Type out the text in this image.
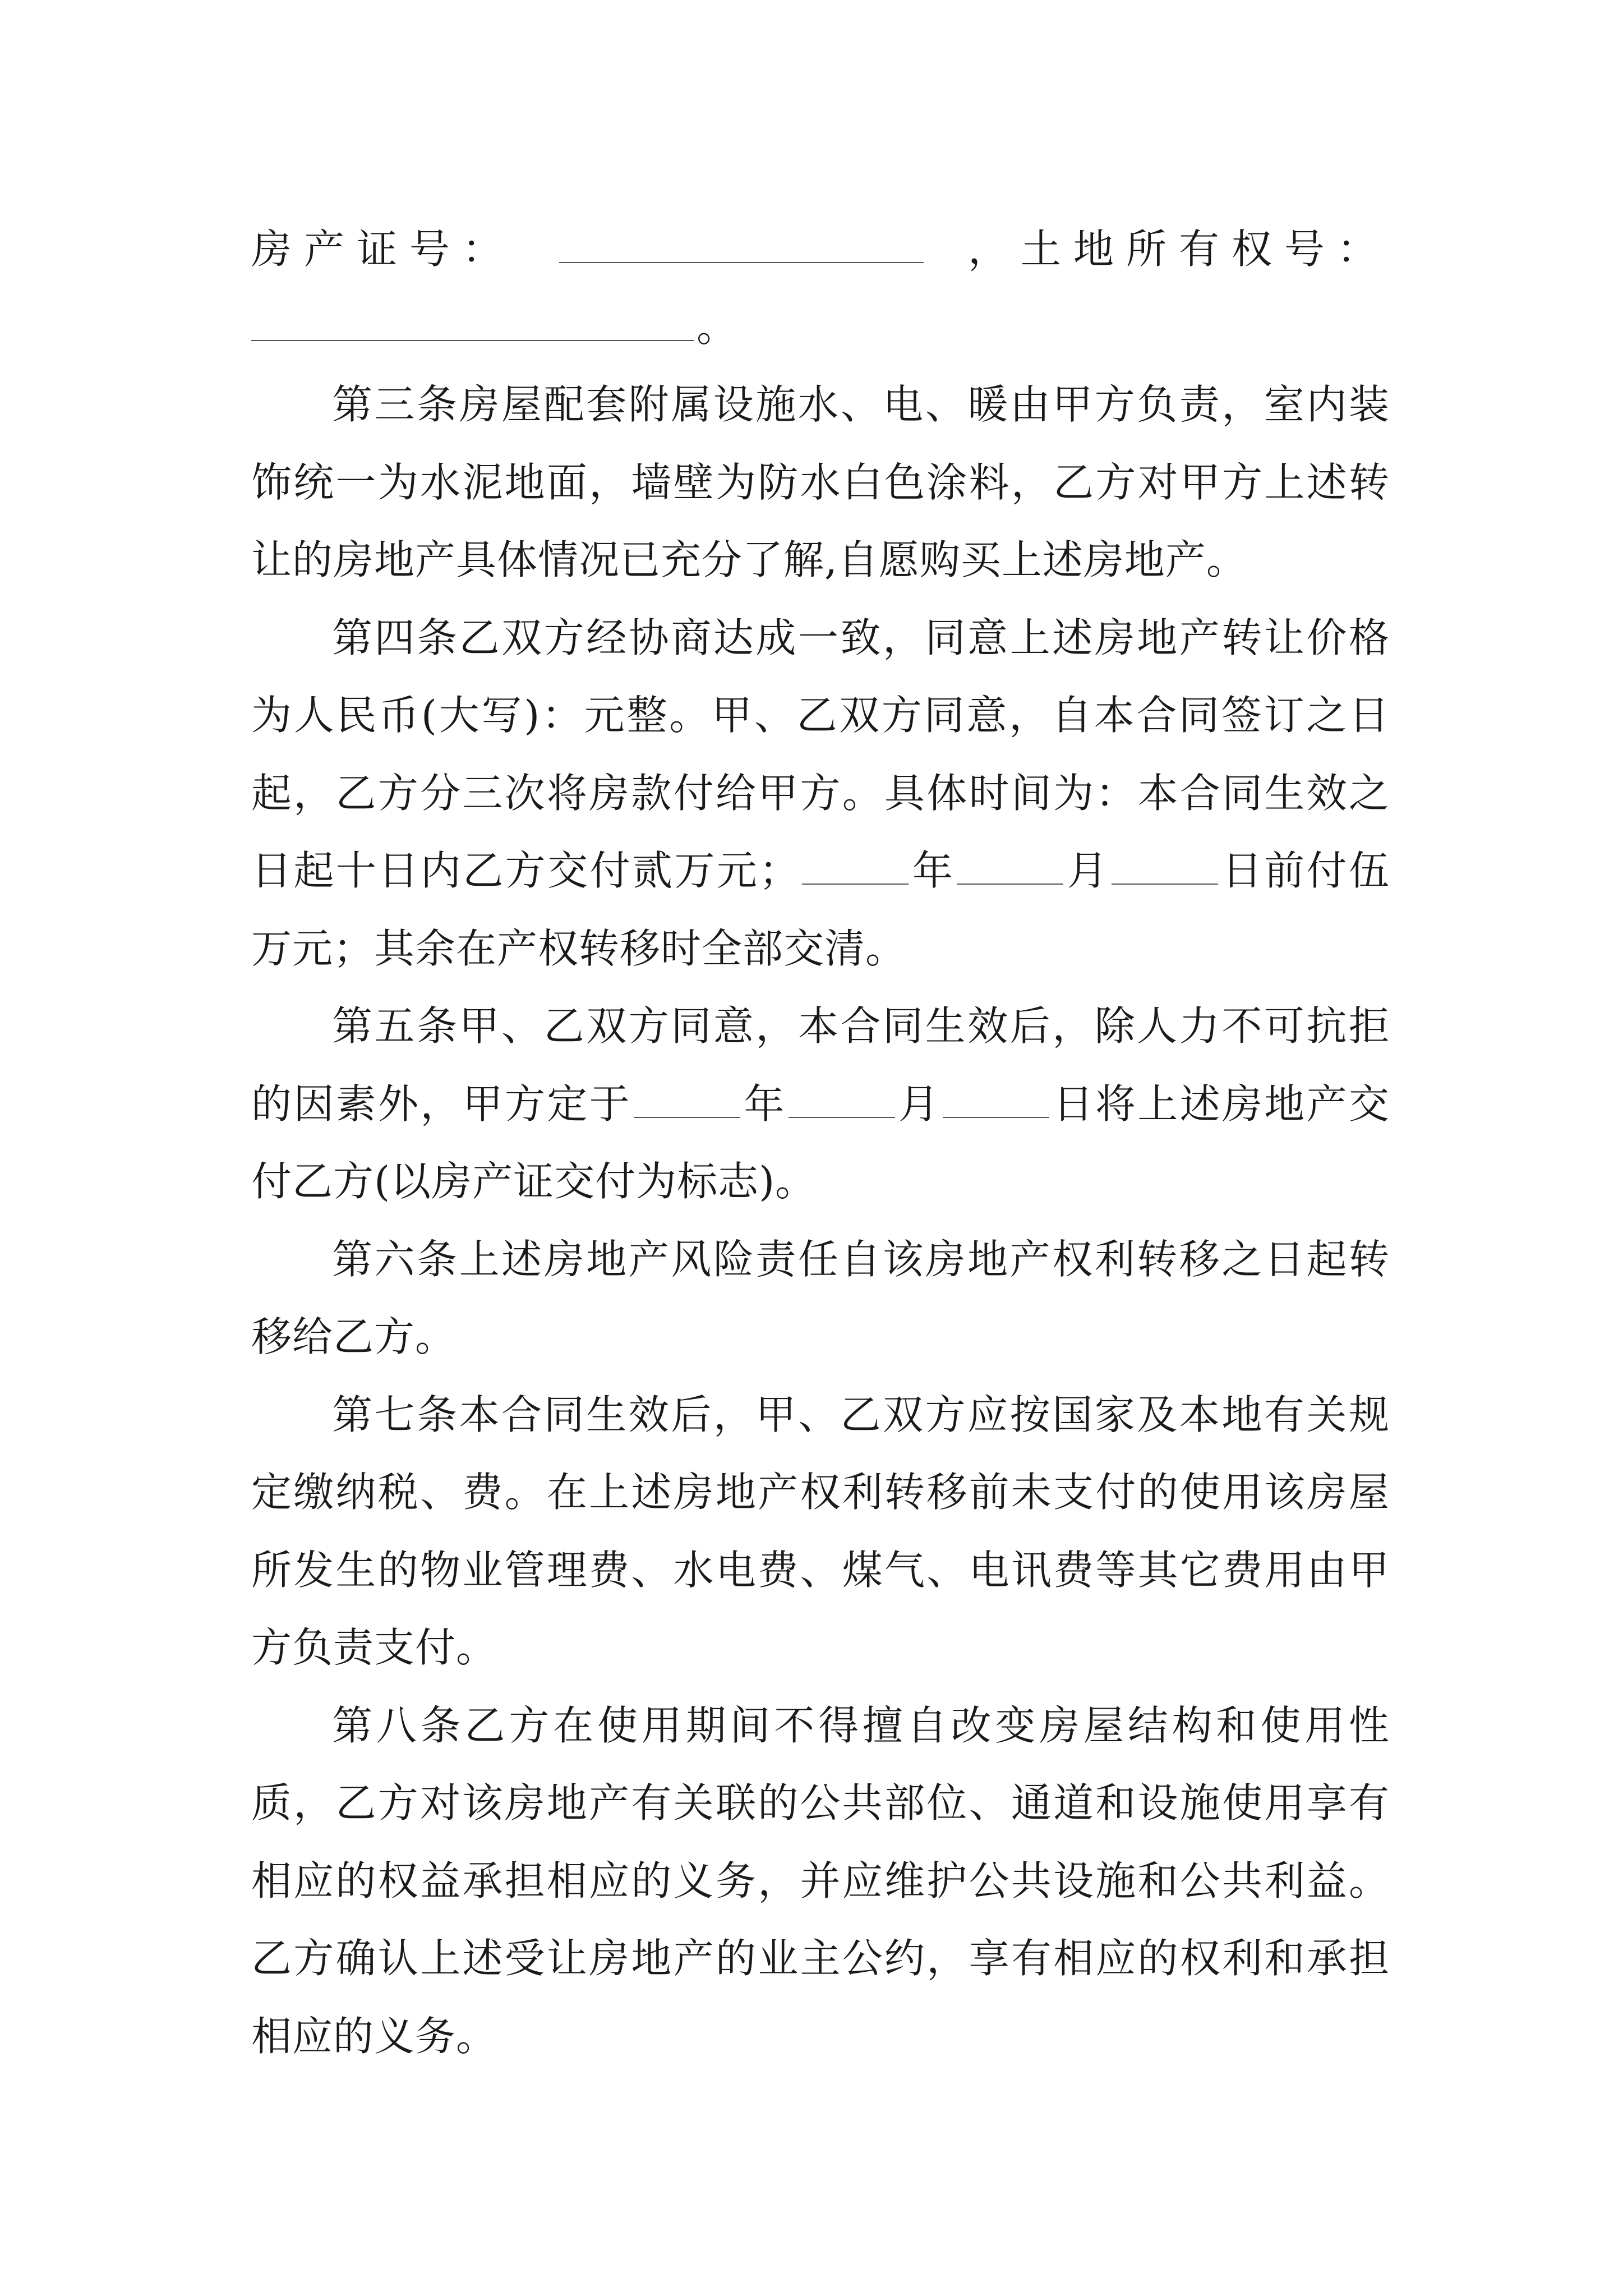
房产证号：	，土地所有权号：
。

第三条房屋配套附属设施水、电、暖由甲方负责，室内装饰统一为水泥地面，墙壁为防水白色涂料，乙方对甲方上述转让的房地产具体情况已充分了解,自愿购买上述房地产。

第四条乙双方经协商达成一致，同意上述房地产转让价格为人民币(大写)：元整。甲、乙双方同意，自本合同签订之日起，乙方分三次将房款付给甲方。具体时间为：本合同生效之日起十日内乙方交付贰万元；	年	月	日前付伍万元；其余在产权转移时全部交清。

第五条甲、乙双方同意，本合同生效后，除人力不可抗拒的因素外，甲方定于	年	月	日将上述房地产交付乙方(以房产证交付为标志)。

第六条上述房地产风险责任自该房地产权利转移之日起转移给乙方。

第七条本合同生效后，甲、乙双方应按国家及本地有关规定缴纳税、费。在上述房地产权利转移前未支付的使用该房屋所发生的物业管理费、水电费、煤气、电讯费等其它费用由甲方负责支付。

第八条乙方在使用期间不得擅自改变房屋结构和使用性质，乙方对该房地产有关联的公共部位、通道和设施使用享有相应的权益承担相应的义务，并应维护公共设施和公共利益。乙方确认上述受让房地产的业主公约，享有相应的权利和承担相应的义务。
